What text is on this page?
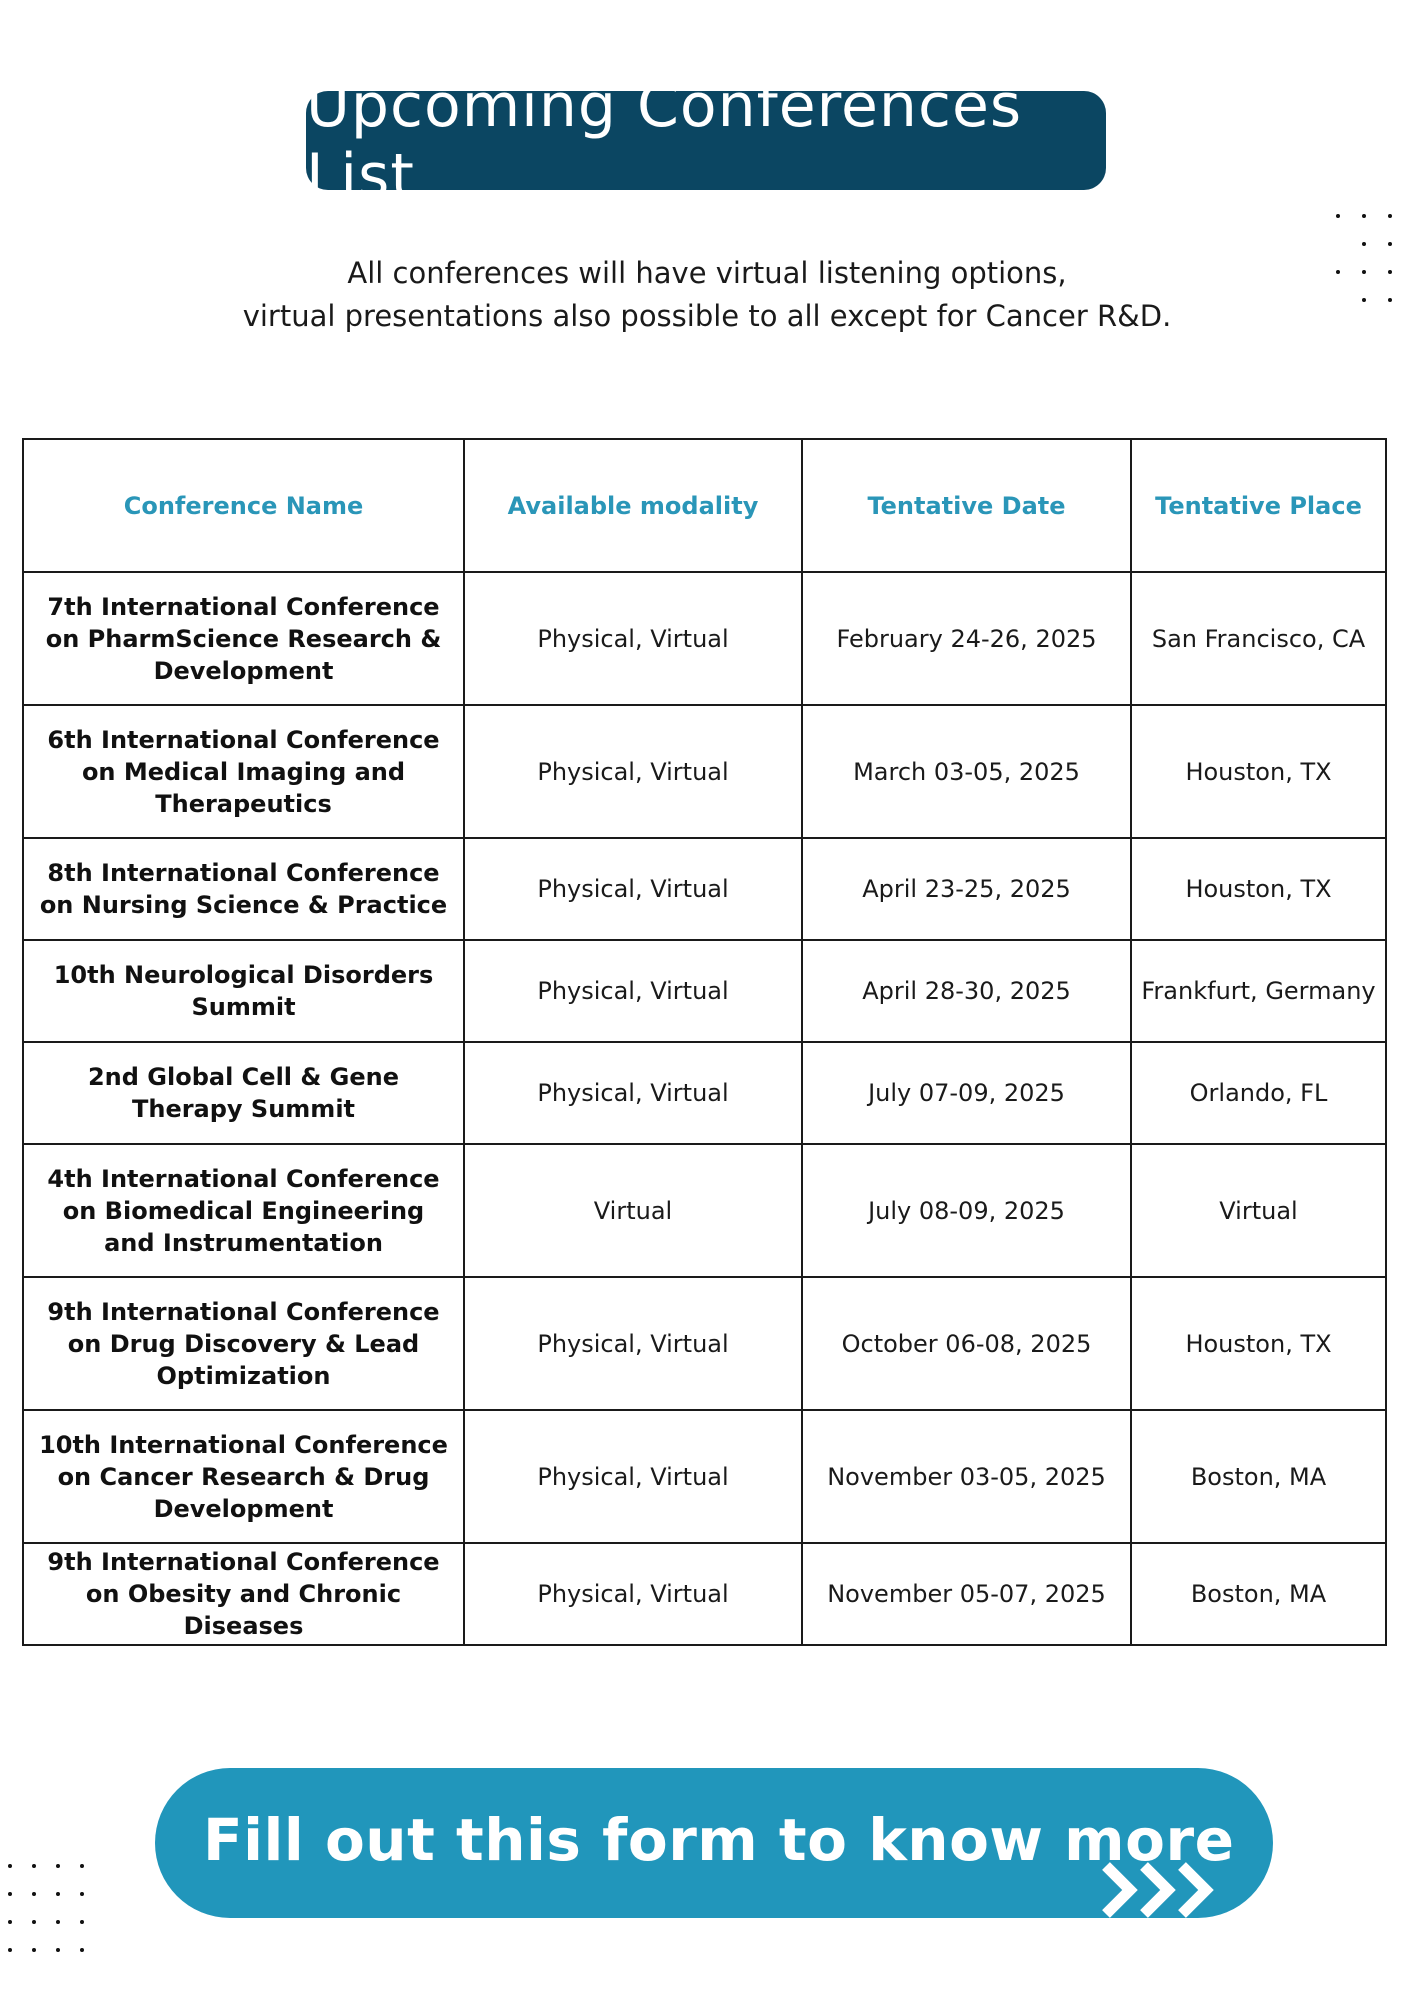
Upcoming Conferences List
All conferences will have virtual listening options,
virtual presentations also possible to all except for Cancer R&D.
Conference Name	Available modality	Tentative Date	Tentative Place
7th International Conference on PharmScience Research & Development	Physical, Virtual	February 24-26, 2025	San Francisco, CA
6th International Conference on Medical Imaging and Therapeutics	Physical, Virtual	March 03-05, 2025	Houston, TX
8th International Conference on Nursing Science & Practice	Physical, Virtual	April 23-25, 2025	Houston, TX
10th Neurological Disorders Summit	Physical, Virtual	April 28-30, 2025	Frankfurt, Germany
2nd Global Cell & Gene Therapy Summit	Physical, Virtual	July 07-09, 2025	Orlando, FL
4th International Conference on Biomedical Engineering and Instrumentation	Virtual	July 08-09, 2025	Virtual
9th International Conference on Drug Discovery & Lead Optimization	Physical, Virtual	October 06-08, 2025	Houston, TX
10th International Conference on Cancer Research & Drug Development	Physical, Virtual	November 03-05, 2025	Boston, MA
9th International Conference on Obesity and Chronic Diseases	Physical, Virtual	November 05-07, 2025	Boston, MA
Fill out this form to know more
